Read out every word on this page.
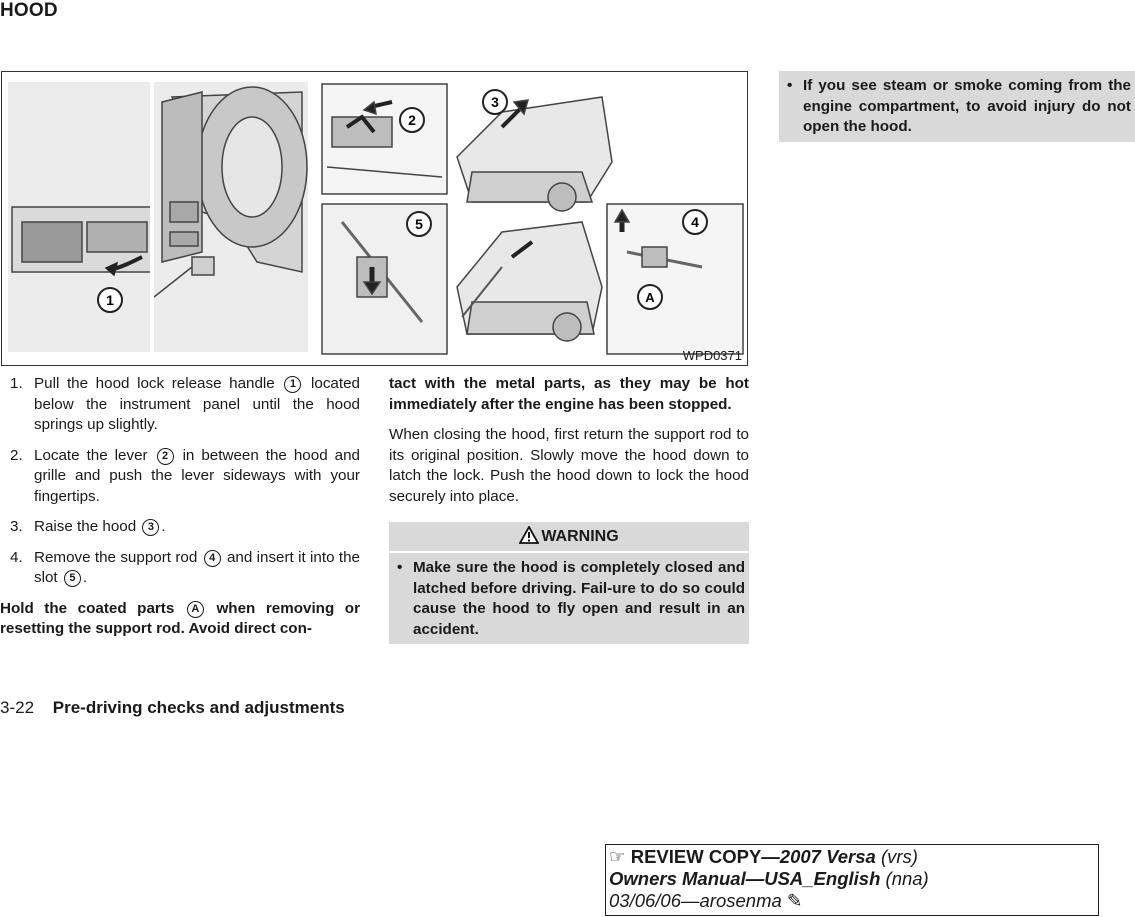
HOOD
1
2
3
4
5
A
WPD0371
1. Pull the hood lock release handle 1 located below the instrument panel until the hood springs up slightly.
2. Locate the lever 2 in between the hood and grille and push the lever sideways with your fingertips.
3. Raise the hood 3 .
4. Remove the support rod 4 and insert it into the slot 5 .

Hold the coated parts A when removing or resetting the support rod. Avoid direct con-

tact with the metal parts, as they may be hot immediately after the engine has been stopped.

When closing the hood, first return the support rod to its original position. Slowly move the hood down to latch the lock. Push the hood down to lock the hood securely into place.

WARNING
• Make sure the hood is completely closed and latched before driving. Fail-ure to do so could cause the hood to fly open and result in an accident.
• If you see steam or smoke coming from the engine compartment, to avoid injury do not open the hood.
3-22 Pre-driving checks and adjustments
☞ REVIEW COPY—2007 Versa (vrs)
Owners Manual—USA_English (nna)
03/06/06—arosenma ✎
